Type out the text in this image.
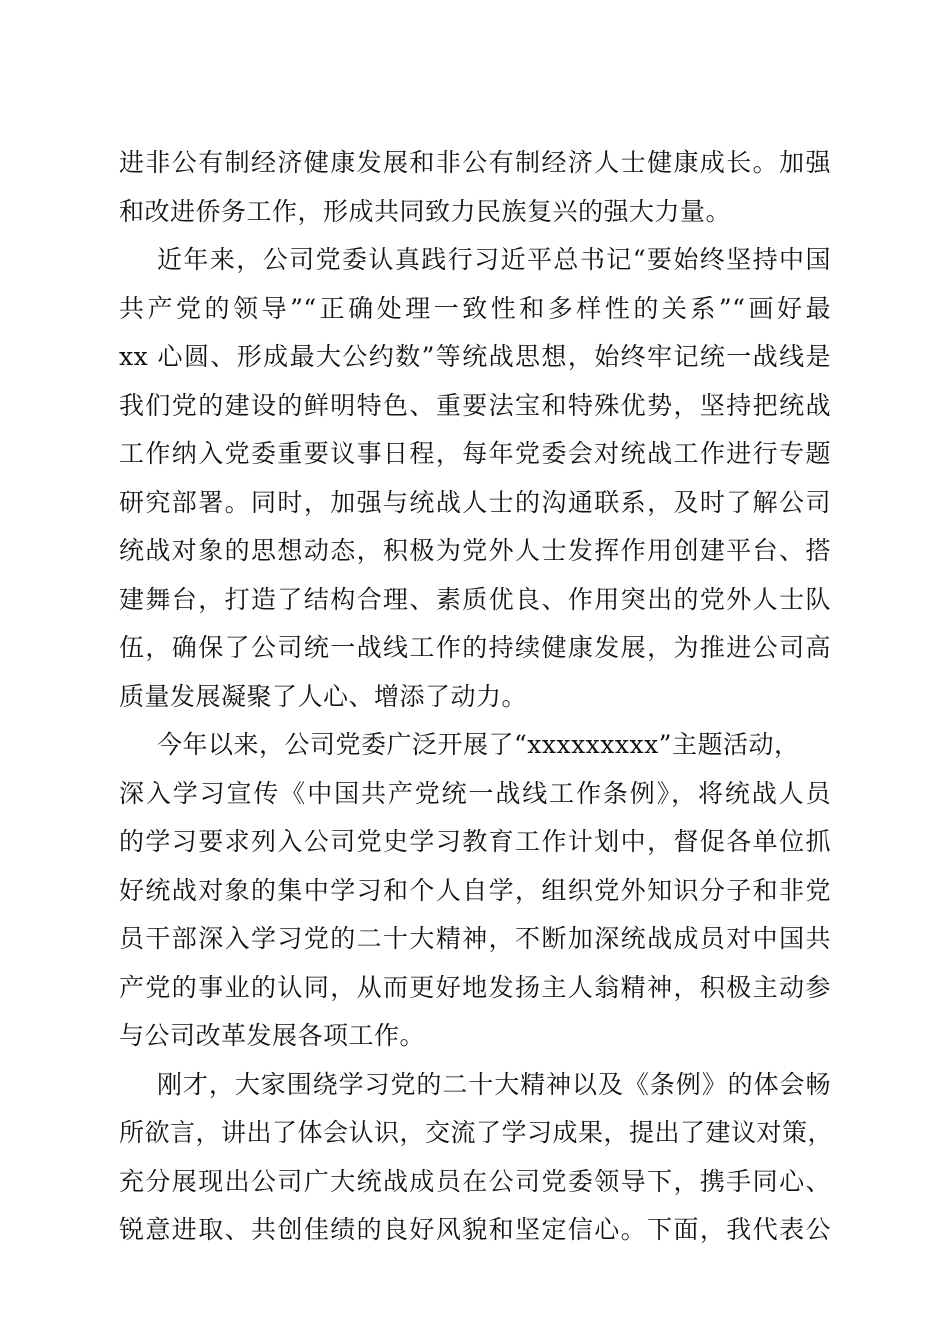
进非公有制经济健康发展和非公有制经济人士健康成长。加强
和改进侨务工作，形成共同致力民族复兴的强大力量。
近年来，公司党委认真践行习近平总书记“要始终坚持中国
共产党的领导”“正确处理一致性和多样性的关系”“画好最
xx 心圆、形成最大公约数”等统战思想，始终牢记统一战线是
我们党的建设的鲜明特色、重要法宝和特殊优势，坚持把统战
工作纳入党委重要议事日程，每年党委会对统战工作进行专题
研究部署。同时，加强与统战人士的沟通联系，及时了解公司
统战对象的思想动态，积极为党外人士发挥作用创建平台、搭
建舞台，打造了结构合理、素质优良、作用突出的党外人士队
伍，确保了公司统一战线工作的持续健康发展，为推进公司高
质量发展凝聚了人心、增添了动力。
今年以来，公司党委广泛开展了“xxxxxxxxx”主题活动，
深入学习宣传《中国共产党统一战线工作条例》，将统战人员
的学习要求列入公司党史学习教育工作计划中，督促各单位抓
好统战对象的集中学习和个人自学，组织党外知识分子和非党
员干部深入学习党的二十大精神，不断加深统战成员对中国共
产党的事业的认同，从而更好地发扬主人翁精神，积极主动参
与公司改革发展各项工作。
刚才，大家围绕学习党的二十大精神以及《条例》的体会畅
所欲言，讲出了体会认识，交流了学习成果，提出了建议对策，
充分展现出公司广大统战成员在公司党委领导下，携手同心、
锐意进取、共创佳绩的良好风貌和坚定信心。下面，我代表公
